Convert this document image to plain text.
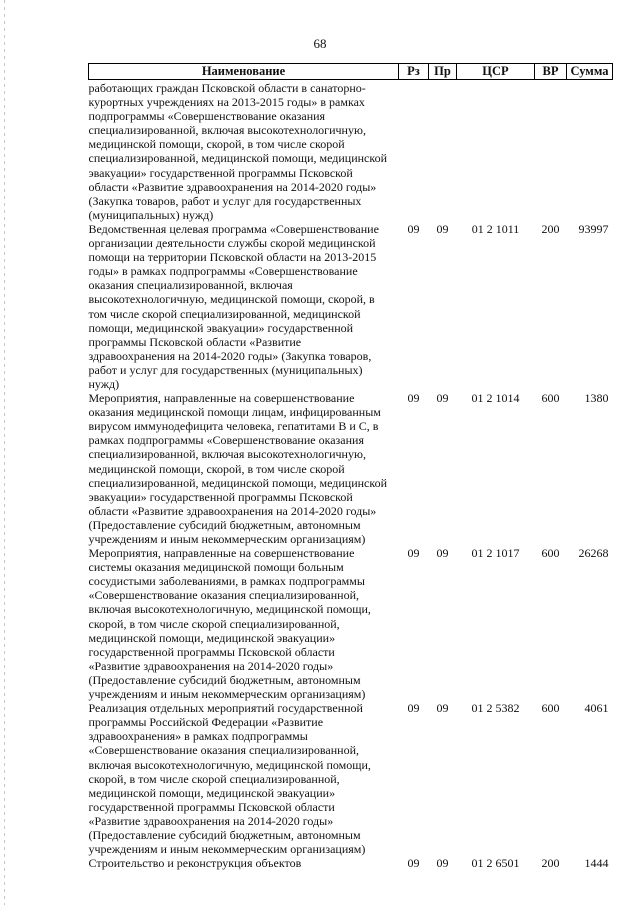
68
Наименование	Рз	Пр	ЦСР	ВР	Сумма
работающих граждан Псковской области в санаторно-курортных учреждениях на 2013-2015 годы» в рамках подпрограммы «Совершенствование оказания специализированной, включая высокотехнологичную, медицинской помощи, скорой, в том числе скорой специализированной, медицинской помощи, медицинской эвакуации» государственной программы Псковской области «Развитие здравоохранения на 2014-2020 годы» (Закупка товаров, работ и услуг для государственных (муниципальных) нужд)					
Ведомственная целевая программа «Совершенствование организации деятельности службы скорой медицинской помощи на территории Псковской области на 2013-2015 годы» в рамках подпрограммы «Совершенствование оказания специализированной, включая высокотехнологичную, медицинской помощи, скорой, в том числе скорой специализированной, медицинской помощи, медицинской эвакуации» государственной программы Псковской области «Развитие здравоохранения на 2014-2020 годы» (Закупка товаров, работ и услуг для государственных (муниципальных) нужд)	09	09	01 2 1011	200	93997
Мероприятия, направленные на совершенствование оказания медицинской помощи лицам, инфицированным вирусом иммунодефицита человека, гепатитами В и С, в рамках подпрограммы «Совершенствование оказания специализированной, включая высокотехнологичную, медицинской помощи, скорой, в том числе скорой специализированной, медицинской помощи, медицинской эвакуации» государственной программы Псковской области «Развитие здравоохранения на 2014-2020 годы» (Предоставление субсидий бюджетным, автономным учреждениям и иным некоммерческим организациям)	09	09	01 2 1014	600	1380
Мероприятия, направленные на совершенствование системы оказания медицинской помощи больным сосудистыми заболеваниями, в рамках подпрограммы «Совершенствование оказания специализированной, включая высокотехнологичную, медицинской помощи, скорой, в том числе скорой специализированной, медицинской помощи, медицинской эвакуации» государственной программы Псковской области «Развитие здравоохранения на 2014-2020 годы» (Предоставление субсидий бюджетным, автономным учреждениям и иным некоммерческим организациям)	09	09	01 2 1017	600	26268
Реализация отдельных мероприятий государственной программы Российской Федерации «Развитие здравоохранения» в рамках подпрограммы «Совершенствование оказания специализированной, включая высокотехнологичную, медицинской помощи, скорой, в том числе скорой специализированной, медицинской помощи, медицинской эвакуации» государственной программы Псковской области «Развитие здравоохранения на 2014-2020 годы» (Предоставление субсидий бюджетным, автономным учреждениям и иным некоммерческим организациям)	09	09	01 2 5382	600	4061
Строительство и реконструкция объектов	09	09	01 2 6501	200	1444
